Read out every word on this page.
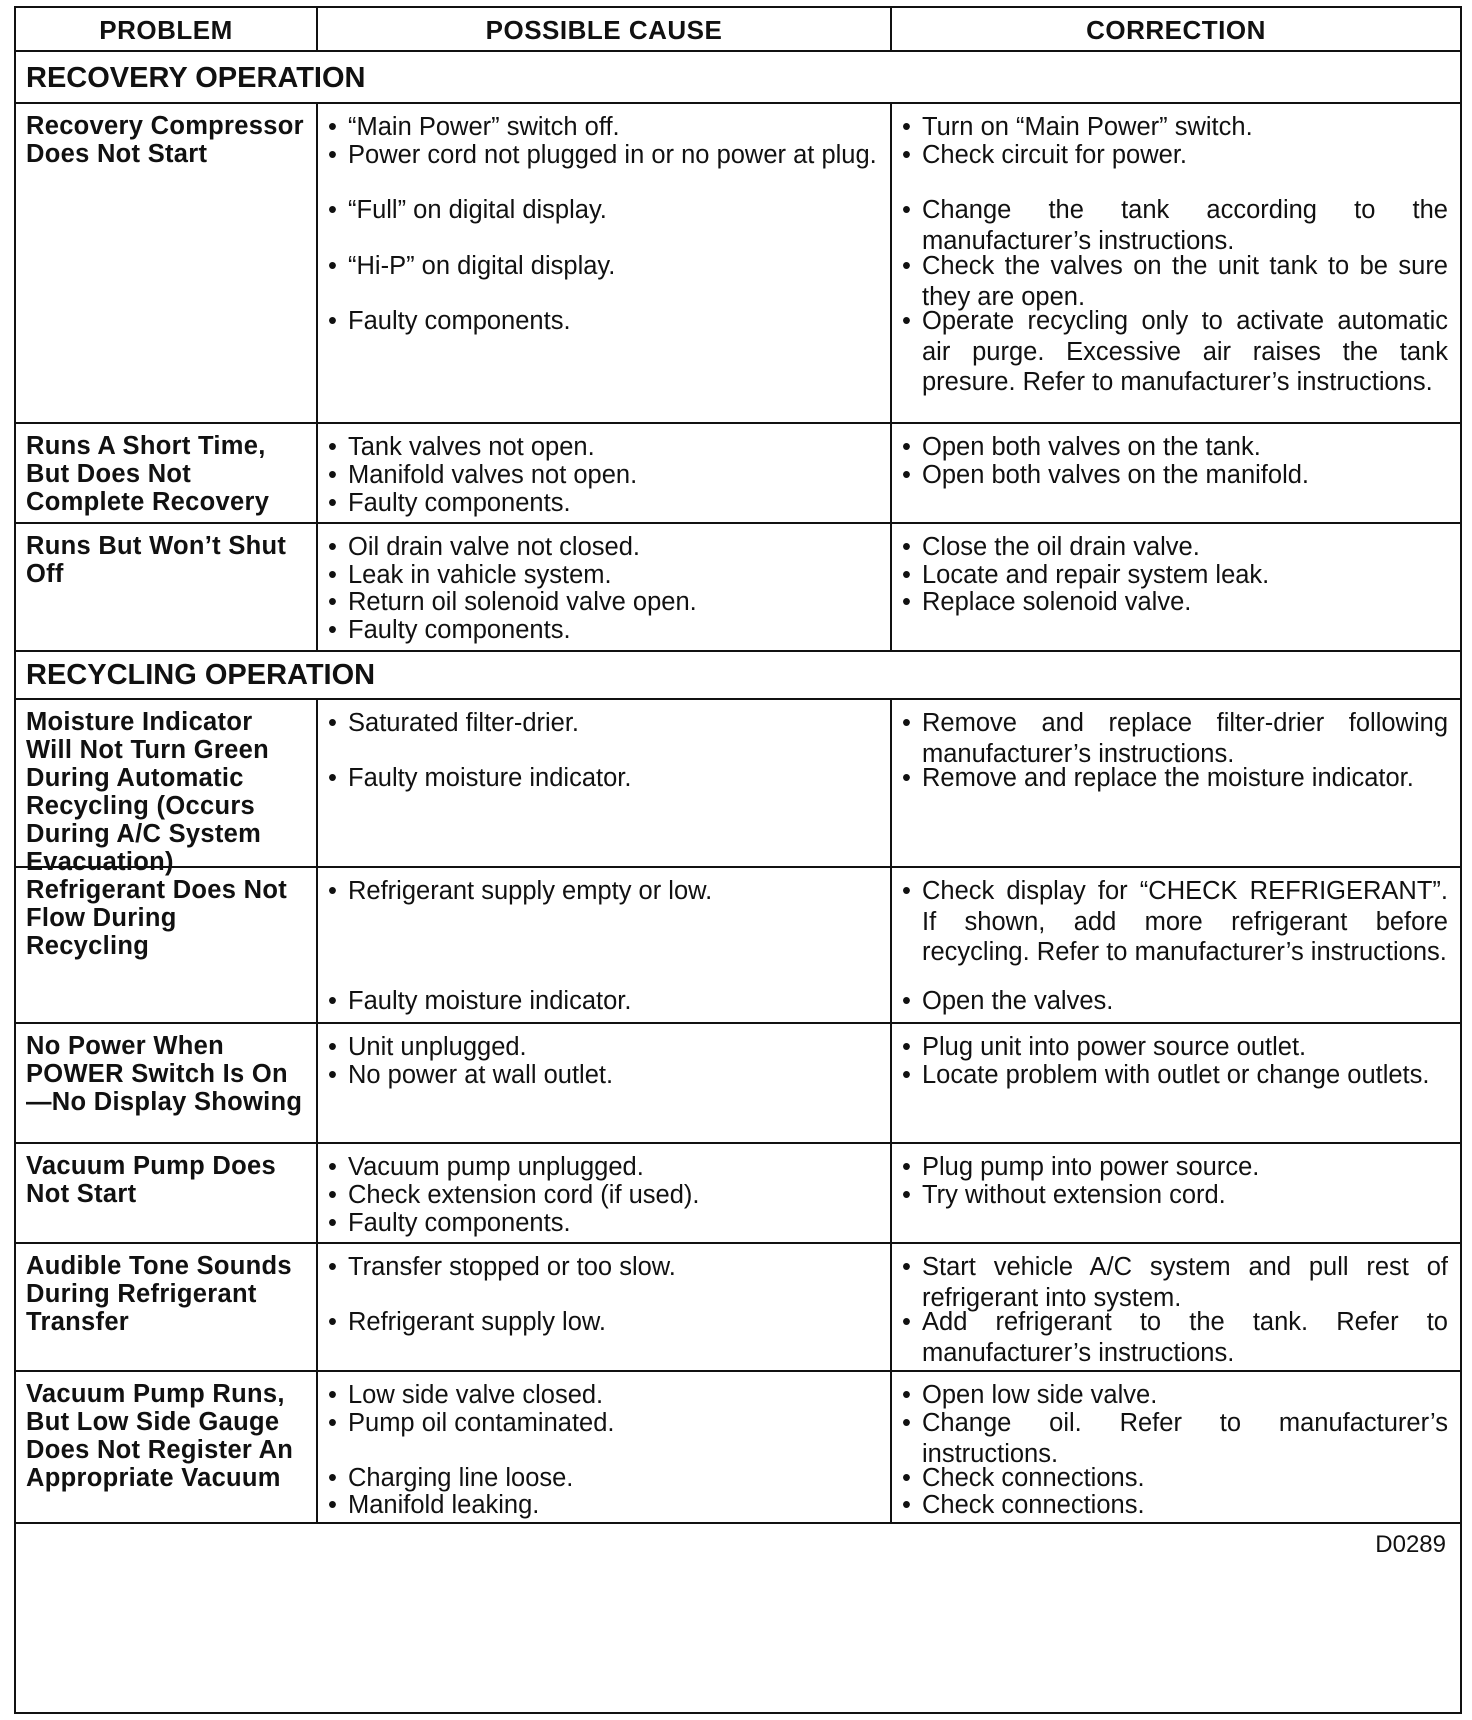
PROBLEM	POSSIBLE CAUSE	CORRECTION
RECOVERY OPERATION
Recovery Compressor Does Not Start
• “Main Power” switch off.
• Power cord not plugged in or no power at plug.
• “Full” on digital display.
• “Hi-P” on digital display.
• Faulty components.
• Turn on “Main Power” switch.
• Check circuit for power.
• Change the tank according to the manufacturer’s instructions.
• Check the valves on the unit tank to be sure they are open.
• Operate recycling only to activate automatic air purge. Excessive air raises the tank presure. Refer to manufacturer’s instructions.
Runs A Short Time, But Does Not Complete Recovery
• Tank valves not open.
• Manifold valves not open.
• Faulty components.
• Open both valves on the tank.
• Open both valves on the manifold.
Runs But Won’t Shut Off
• Oil drain valve not closed.
• Leak in vahicle system.
• Return oil solenoid valve open.
• Faulty components.
• Close the oil drain valve.
• Locate and repair system leak.
• Replace solenoid valve.
RECYCLING OPERATION
Moisture Indicator Will Not Turn Green During Automatic Recycling (Occurs During A/C System Evacuation)
• Saturated filter-drier.
• Faulty moisture indicator.
• Remove and replace filter-drier following manufacturer’s instructions.
• Remove and replace the moisture indicator.
Refrigerant Does Not Flow During Recycling
• Refrigerant supply empty or low.
• Faulty moisture indicator.
• Check display for “CHECK REFRIGERANT”. If shown, add more refrigerant before recycling. Refer to manufacturer’s instructions.
• Open the valves.
No Power When POWER Switch Is On—No Display Showing
• Unit unplugged.
• No power at wall outlet.
• Plug unit into power source outlet.
• Locate problem with outlet or change outlets.
Vacuum Pump Does Not Start
• Vacuum pump unplugged.
• Check extension cord (if used).
• Faulty components.
• Plug pump into power source.
• Try without extension cord.
Audible Tone Sounds During Refrigerant Transfer
• Transfer stopped or too slow.
• Refrigerant supply low.
• Start vehicle A/C system and pull rest of refrigerant into system.
• Add refrigerant to the tank. Refer to manufacturer’s instructions.
Vacuum Pump Runs, But Low Side Gauge Does Not Register An Appropriate Vacuum
• Low side valve closed.
• Pump oil contaminated.
• Charging line loose.
• Manifold leaking.
• Open low side valve.
• Change oil. Refer to manufacturer’s instructions.
• Check connections.
• Check connections.
D0289
